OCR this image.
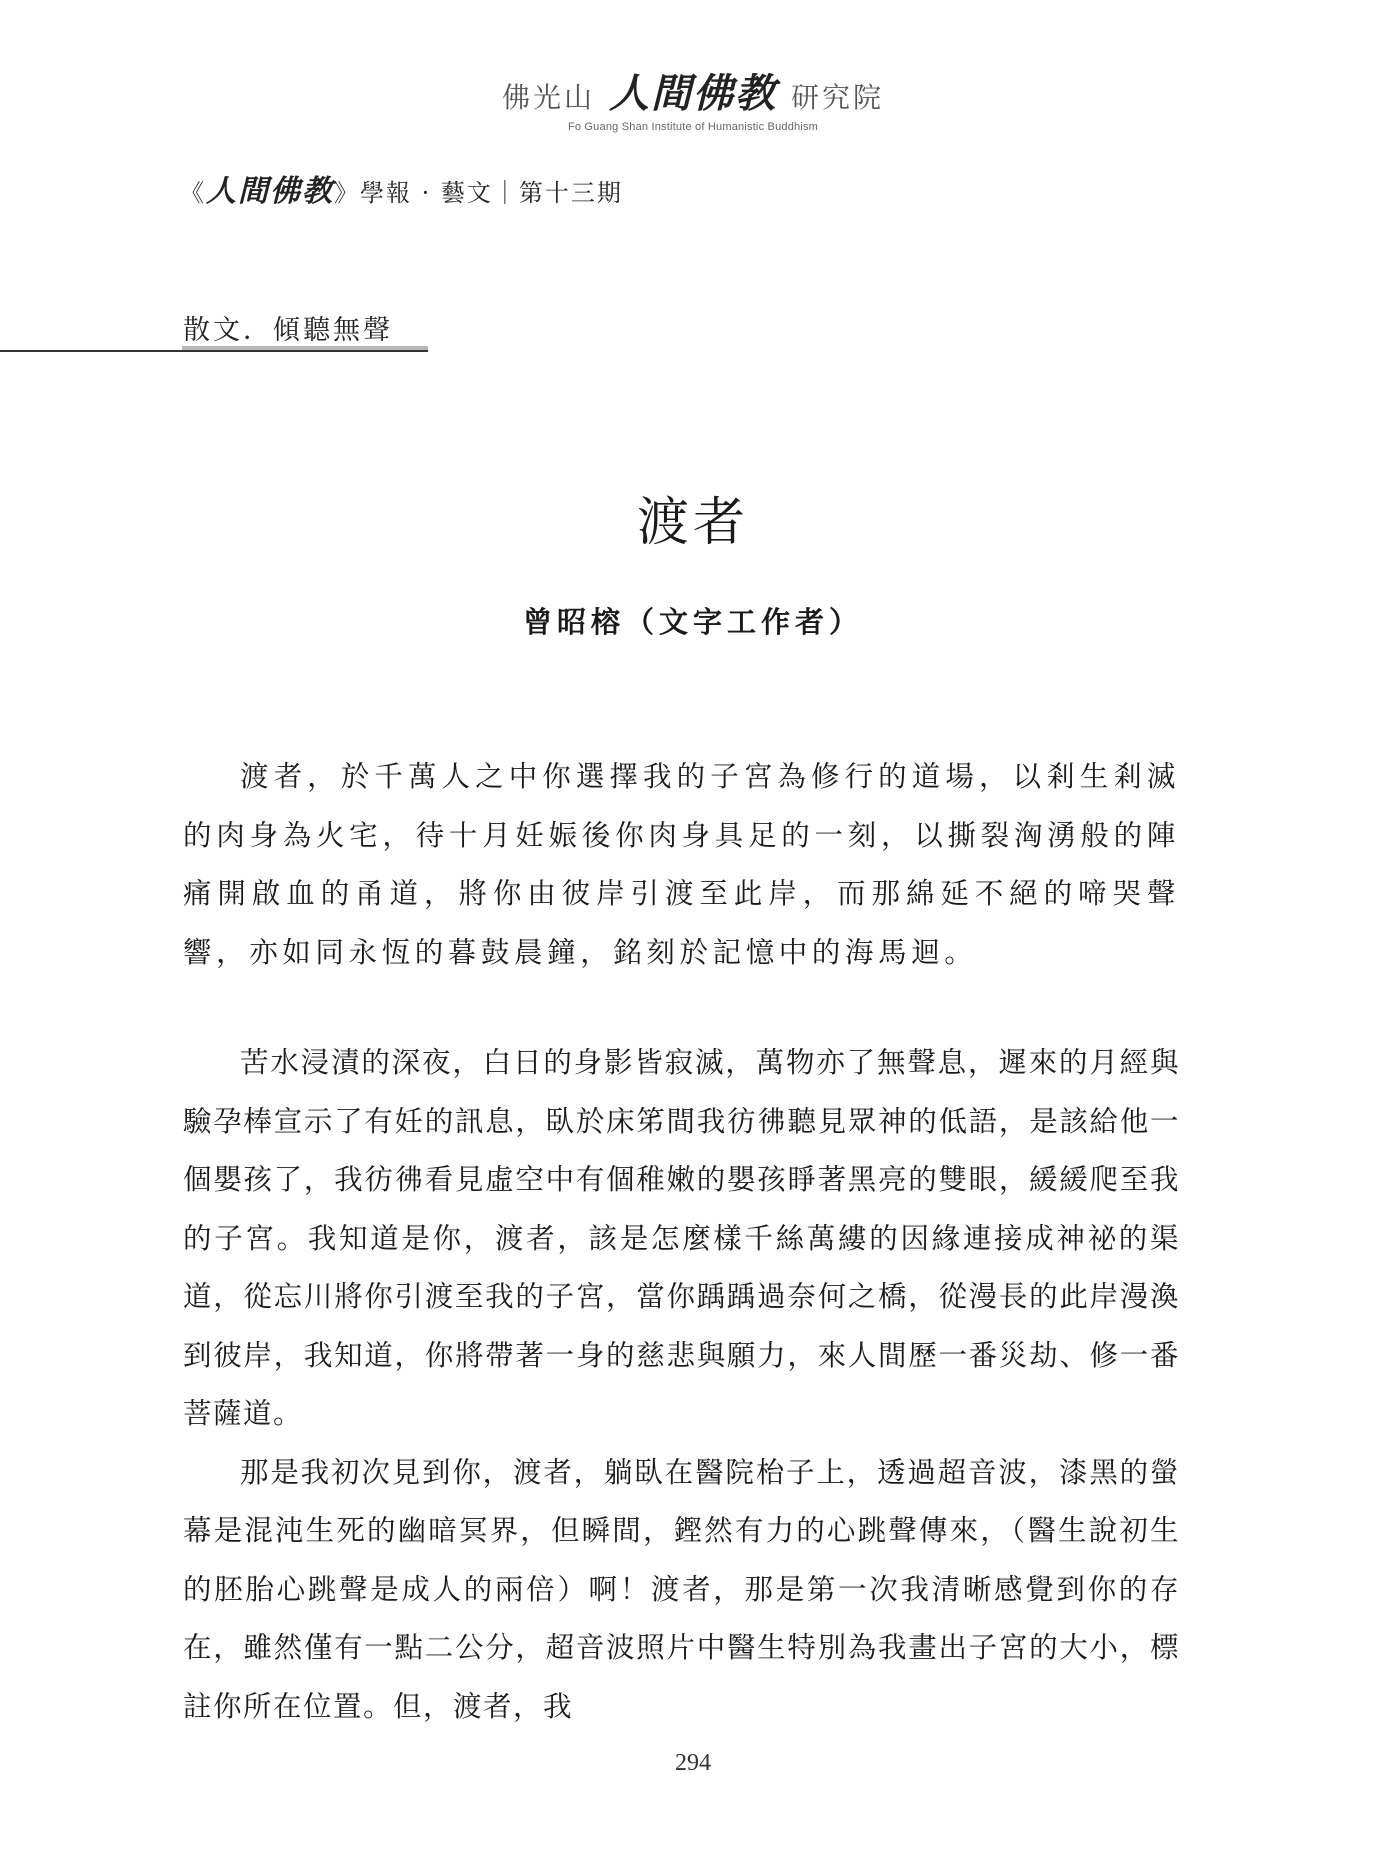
佛光山 人間佛教 研究院
Fo Guang Shan Institute of Humanistic Buddhism
《 人間佛教 》學報 · 藝文｜第十三期
散文．傾聽無聲
渡者
曾昭榕（文字工作者）

渡者，於千萬人之中你選擇我的子宮為修行的道場，以剎生剎滅的肉身為火宅，待十月妊娠後你肉身具足的一刻，以撕裂洶湧般的陣痛開啟血的甬道，將你由彼岸引渡至此岸，而那綿延不絕的啼哭聲響，亦如同永恆的暮鼓晨鐘，銘刻於記憶中的海馬迴。

苦水浸漬的深夜，白日的身影皆寂滅，萬物亦了無聲息，遲來的月經與驗孕棒宣示了有妊的訊息，臥於床笫間我彷彿聽見眾神的低語，是該給他一個嬰孩了，我彷彿看見虛空中有個稚嫩的嬰孩睜著黑亮的雙眼，緩緩爬至我的子宮。我知道是你，渡者，該是怎麼樣千絲萬縷的因緣連接成神祕的渠道，從忘川將你引渡至我的子宮，當你踽踽過奈何之橋，從漫長的此岸漫渙到彼岸，我知道，你將帶著一身的慈悲與願力，來人間歷一番災劫、修一番菩薩道。

那是我初次見到你，渡者，躺臥在醫院枱子上，透過超音波，漆黑的螢幕是混沌生死的幽暗冥界，但瞬間，鏗然有力的心跳聲傳來，（醫生說初生的胚胎心跳聲是成人的兩倍）啊！渡者，那是第一次我清晰感覺到你的存在，雖然僅有一點二公分，超音波照片中醫生特別為我畫出子宮的大小，標註你所在位置。但，渡者，我

294
